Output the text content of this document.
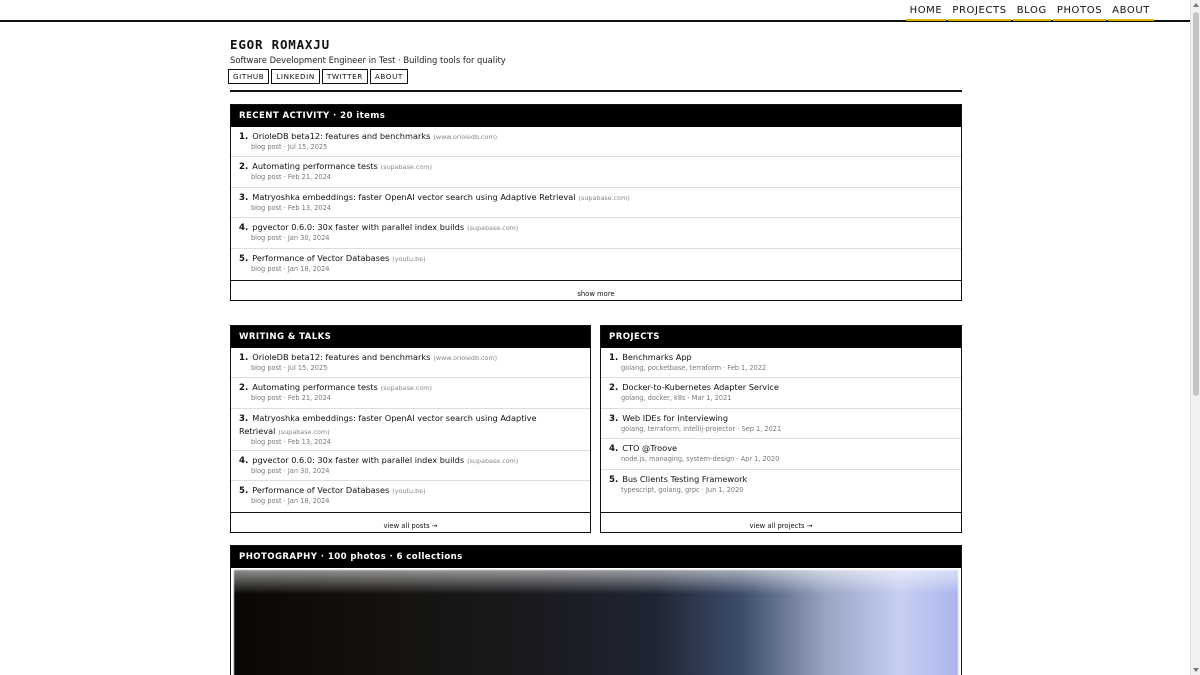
HOME	PROJECTS	BLOG	PHOTOS	ABOUT
EGOR ROMAXJU
Software Development Engineer in Test · Building tools for quality
GITHUB	LINKEDIN	TWITTER	ABOUT
RECENT ACTIVITY · 20 items
1. OrioleDB beta12: features and benchmarks (www.orioledb.com)
blog post · Jul 15, 2025
2. Automating performance tests (supabase.com)
blog post · Feb 21, 2024
3. Matryoshka embeddings: faster OpenAI vector search using Adaptive Retrieval (supabase.com)
blog post · Feb 13, 2024
4. pgvector 0.6.0: 30x faster with parallel index builds (supabase.com)
blog post · Jan 30, 2024
5. Performance of Vector Databases (youtu.be)
blog post · Jan 18, 2024
show more
WRITING & TALKS
1. OrioleDB beta12: features and benchmarks (www.orioledb.com)
blog post · Jul 15, 2025
2. Automating performance tests (supabase.com)
blog post · Feb 21, 2024
3. Matryoshka embeddings: faster OpenAI vector search using Adaptive Retrieval (supabase.com)
blog post · Feb 13, 2024
4. pgvector 0.6.0: 30x faster with parallel index builds (supabase.com)
blog post · Jan 30, 2024
5. Performance of Vector Databases (youtu.be)
blog post · Jan 18, 2024
view all posts →
PROJECTS
1. Benchmarks App
golang, pocketbase, terraform · Feb 1, 2022
2. Docker-to-Kubernetes Adapter Service
golang, docker, k8s · Mar 1, 2021
3. Web IDEs for Interviewing
golang, terraform, intellij-projector · Sep 1, 2021
4. CTO @Troove
node.js, managing, system-design · Apr 1, 2020
5. Bus Clients Testing Framework
typescript, golang, grpc · Jun 1, 2020
view all projects →
PHOTOGRAPHY · 100 photos · 6 collections
